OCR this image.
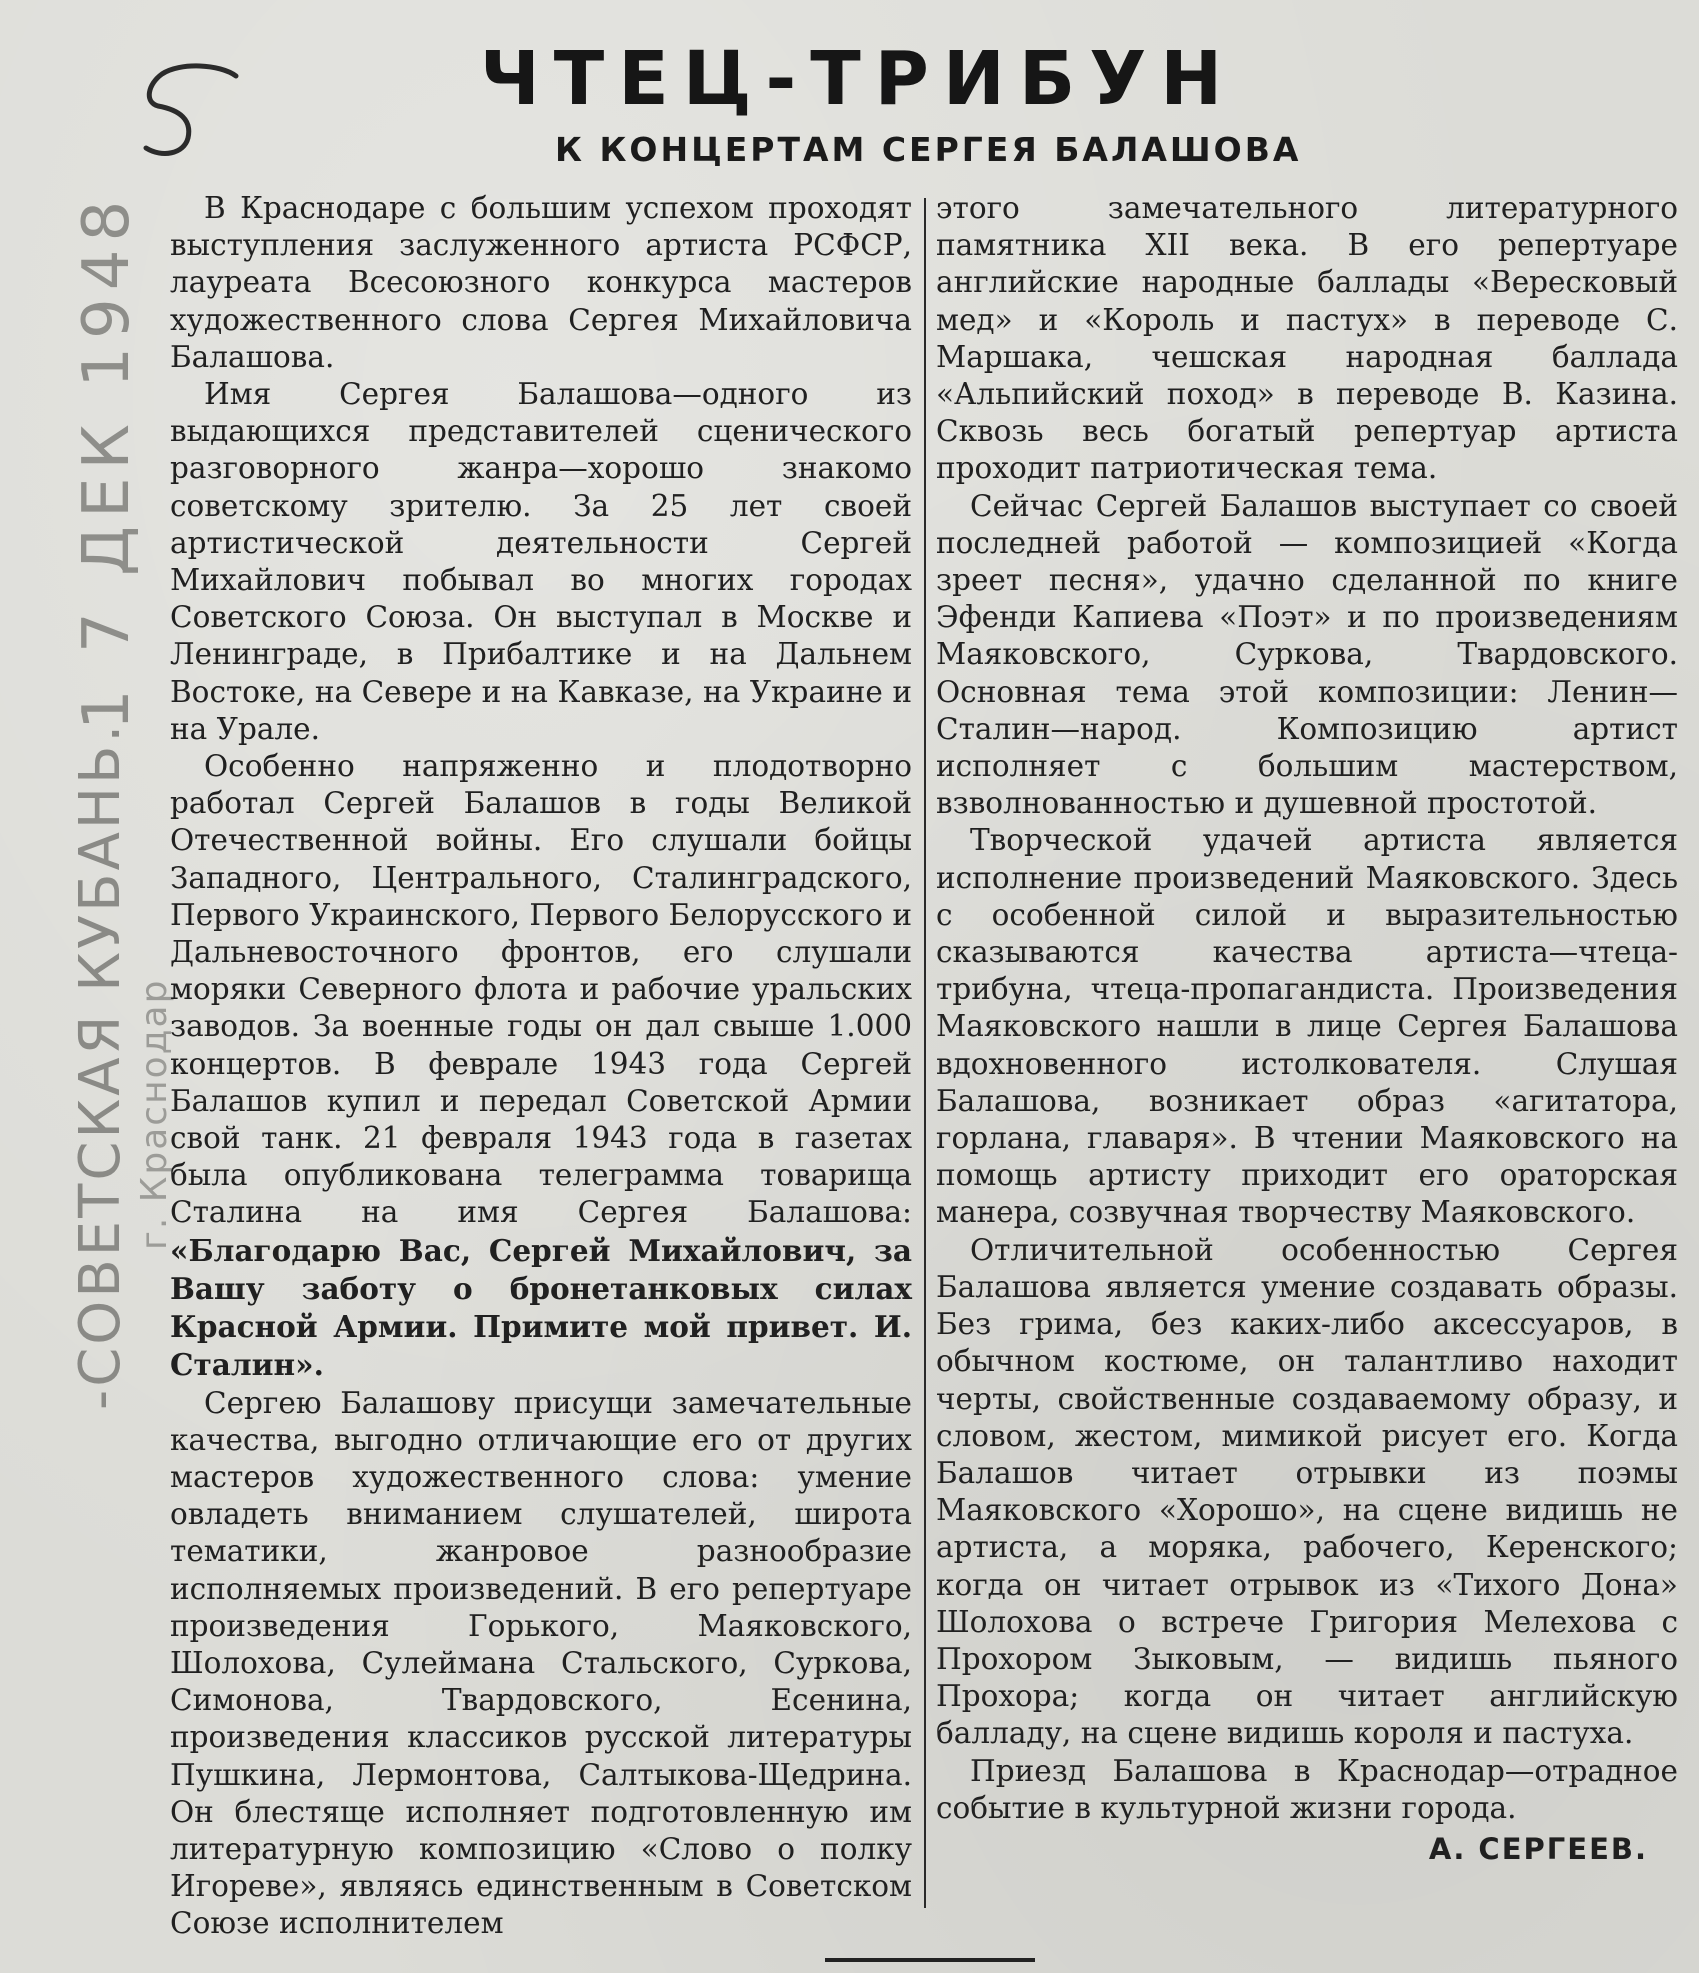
ЧТЕЦ-ТРИБУН
К КОНЦЕРТАМ СЕРГЕЯ БАЛАШОВА
1 7 ДЕК 1948
-СОВЕТСКАЯ КУБАНЬ. г. Краснодар

В Краснодаре с большим успехом проходят выступления заслуженного артиста РСФСР, лауреата Всесоюзного конкурса мастеров художественного слова Сергея Михайловича Балашова.

Имя Сергея Балашова—одного из выдающихся представителей сценического разговорного жанра—хорошо знакомо советскому зрителю. За 25 лет своей артистической деятельности Сергей Михайлович побывал во многих городах Советского Союза. Он выступал в Москве и Ленинграде, в Прибалтике и на Дальнем Востоке, на Севере и на Кавказе, на Украине и на Урале.

Особенно напряженно и плодотворно работал Сергей Балашов в годы Великой Отечественной войны. Его слушали бойцы Западного, Центрального, Сталинградского, Первого Украинского, Первого Белорусского и Дальневосточного фронтов, его слушали моряки Северного флота и рабочие уральских заводов. За военные годы он дал свыше 1.000 концертов. В феврале 1943 года Сергей Балашов купил и передал Советской Армии свой танк. 21 февраля 1943 года в газетах была опубликована телеграмма товарища Сталина на имя Сергея Балашова: «Благодарю Вас, Сергей Михайлович, за Вашу заботу о бронетанковых силах Красной Армии. Примите мой привет. И. Сталин».

Сергею Балашову присущи замечательные качества, выгодно отличающие его от других мастеров художественного слова: умение овладеть вниманием слушателей, широта тематики, жанровое разнообразие исполняемых произведений. В его репертуаре произведения Горького, Маяковского, Шолохова, Сулеймана Стальского, Суркова, Симонова, Твардовского, Есенина, произведения классиков русской литературы Пушкина, Лермонтова, Салтыкова-Щедрина. Он блестяще исполняет подготовленную им литературную композицию «Слово о полку Игореве», являясь единственным в Советском Союзе исполнителем

этого замечательного литературного памятника XII века. В его репертуаре английские народные баллады «Вересковый мед» и «Король и пастух» в переводе С. Маршака, чешская народная баллада «Альпийский поход» в переводе В. Казина. Сквозь весь богатый репертуар артиста проходит патриотическая тема.

Сейчас Сергей Балашов выступает со своей последней работой — композицией «Когда зреет песня», удачно сделанной по книге Эфенди Капиева «Поэт» и по произведениям Маяковского, Суркова, Твардовского. Основная тема этой композиции: Ленин—Сталин—народ. Композицию артист исполняет с большим мастерством, взволнованностью и душевной простотой.

Творческой удачей артиста является исполнение произведений Маяковского. Здесь с особенной силой и выразительностью сказываются качества артиста—чтеца-трибуна, чтеца-пропагандиста. Произведения Маяковского нашли в лице Сергея Балашова вдохновенного истолкователя. Слушая Балашова, возникает образ «агитатора, горлана, главаря». В чтении Маяковского на помощь артисту приходит его ораторская манера, созвучная творчеству Маяковского.

Отличительной особенностью Сергея Балашова является умение создавать образы. Без грима, без каких-либо аксессуаров, в обычном костюме, он талантливо находит черты, свойственные создаваемому образу, и словом, жестом, мимикой рисует его. Когда Балашов читает отрывки из поэмы Маяковского «Хорошо», на сцене видишь не артиста, а моряка, рабочего, Керенского; когда он читает отрывок из «Тихого Дона» Шолохова о встрече Григория Мелехова с Прохором Зыковым, — видишь пьяного Прохора; когда он читает английскую балладу, на сцене видишь короля и пастуха.

Приезд Балашова в Краснодар—отрадное событие в культурной жизни города.

А. СЕРГЕЕВ.
